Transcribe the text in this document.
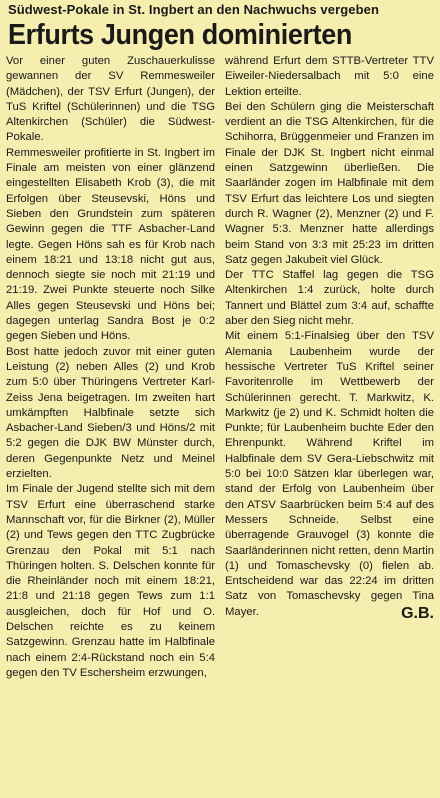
Südwest-Pokale in St. Ingbert an den Nachwuchs vergeben
Erfurts Jungen dominierten

Vor einer guten Zuschauerkulisse gewannen der SV Remmesweiler (Mädchen), der TSV Erfurt (Jungen), der TuS Kriftel (Schülerinnen) und die TSG Altenkirchen (Schüler) die Südwest-Pokale.

Remmesweiler profitierte in St. Ingbert im Finale am meisten von einer glänzend eingestellten Elisabeth Krob (3), die mit Erfolgen über Steusevski, Höns und Sieben den Grundstein zum späteren Gewinn gegen die TTF Asbacher-Land legte. Gegen Höns sah es für Krob nach einem 18:21 und 13:18 nicht gut aus, dennoch siegte sie noch mit 21:19 und 21:19. Zwei Punkte steuerte noch Silke Alles gegen Steusevski und Höns bei; dagegen unterlag Sandra Bost je 0:2 gegen Sieben und Höns.

Bost hatte jedoch zuvor mit einer guten Leistung (2) neben Alles (2) und Krob zum 5:0 über Thüringens Vertreter Karl-Zeiss Jena beigetragen. Im zweiten hart umkämpften Halbfinale setzte sich Asbacher-Land Sieben/3 und Höns/2 mit 5:2 gegen die DJK BW Münster durch, deren Gegenpunkte Netz und Meinel erzielten.

Im Finale der Jugend stellte sich mit dem TSV Erfurt eine überraschend starke Mannschaft vor, für die Birkner (2), Müller (2) und Tews gegen den TTC Zugbrücke Grenzau den Pokal mit 5:1 nach Thüringen holten. S. Delschen konnte für die Rheinländer noch mit einem 18:21, 21:8 und 21:18 gegen Tews zum 1:1 ausgleichen, doch für Hof und O. Delschen reichte es zu keinem Satzgewinn. Grenzau hatte im Halbfinale nach einem 2:4-Rückstand noch ein 5:4 gegen den TV Eschersheim erzwungen,

während Erfurt dem STTB-Vertreter TTV Eiweiler-Niedersalbach mit 5:0 eine Lektion erteilte.

Bei den Schülern ging die Meisterschaft verdient an die TSG Altenkirchen, für die Schihorra, Brüggenmeier und Franzen im Finale der DJK St. Ingbert nicht einmal einen Satzgewinn überließen. Die Saarländer zogen im Halbfinale mit dem TSV Erfurt das leichtere Los und siegten durch R. Wagner (2), Menzner (2) und F. Wagner 5:3. Menzner hatte allerdings beim Stand von 3:3 mit 25:23 im dritten Satz gegen Jakubeit viel Glück.

Der TTC Staffel lag gegen die TSG Altenkirchen 1:4 zurück, holte durch Tannert und Blättel zum 3:4 auf, schaffte aber den Sieg nicht mehr.

Mit einem 5:1-Finalsieg über den TSV Alemania Laubenheim wurde der hessische Vertreter TuS Kriftel seiner Favoritenrolle im Wettbewerb der Schülerinnen gerecht. T. Markwitz, K. Markwitz (je 2) und K. Schmidt holten die Punkte; für Laubenheim buchte Eder den Ehrenpunkt. Während Kriftel im Halbfinale dem SV Gera-Liebschwitz mit 5:0 bei 10:0 Sätzen klar überlegen war, stand der Erfolg von Laubenheim über den ATSV Saarbrücken beim 5:4 auf des Messers Schneide. Selbst eine überragende Grauvogel (3) konnte die Saarländerinnen nicht retten, denn Martin (1) und Tomaschevsky (0) fielen ab. Entscheidend war das 22:24 im dritten Satz von Tomaschevsky gegen Tina Mayer.	G.B.
